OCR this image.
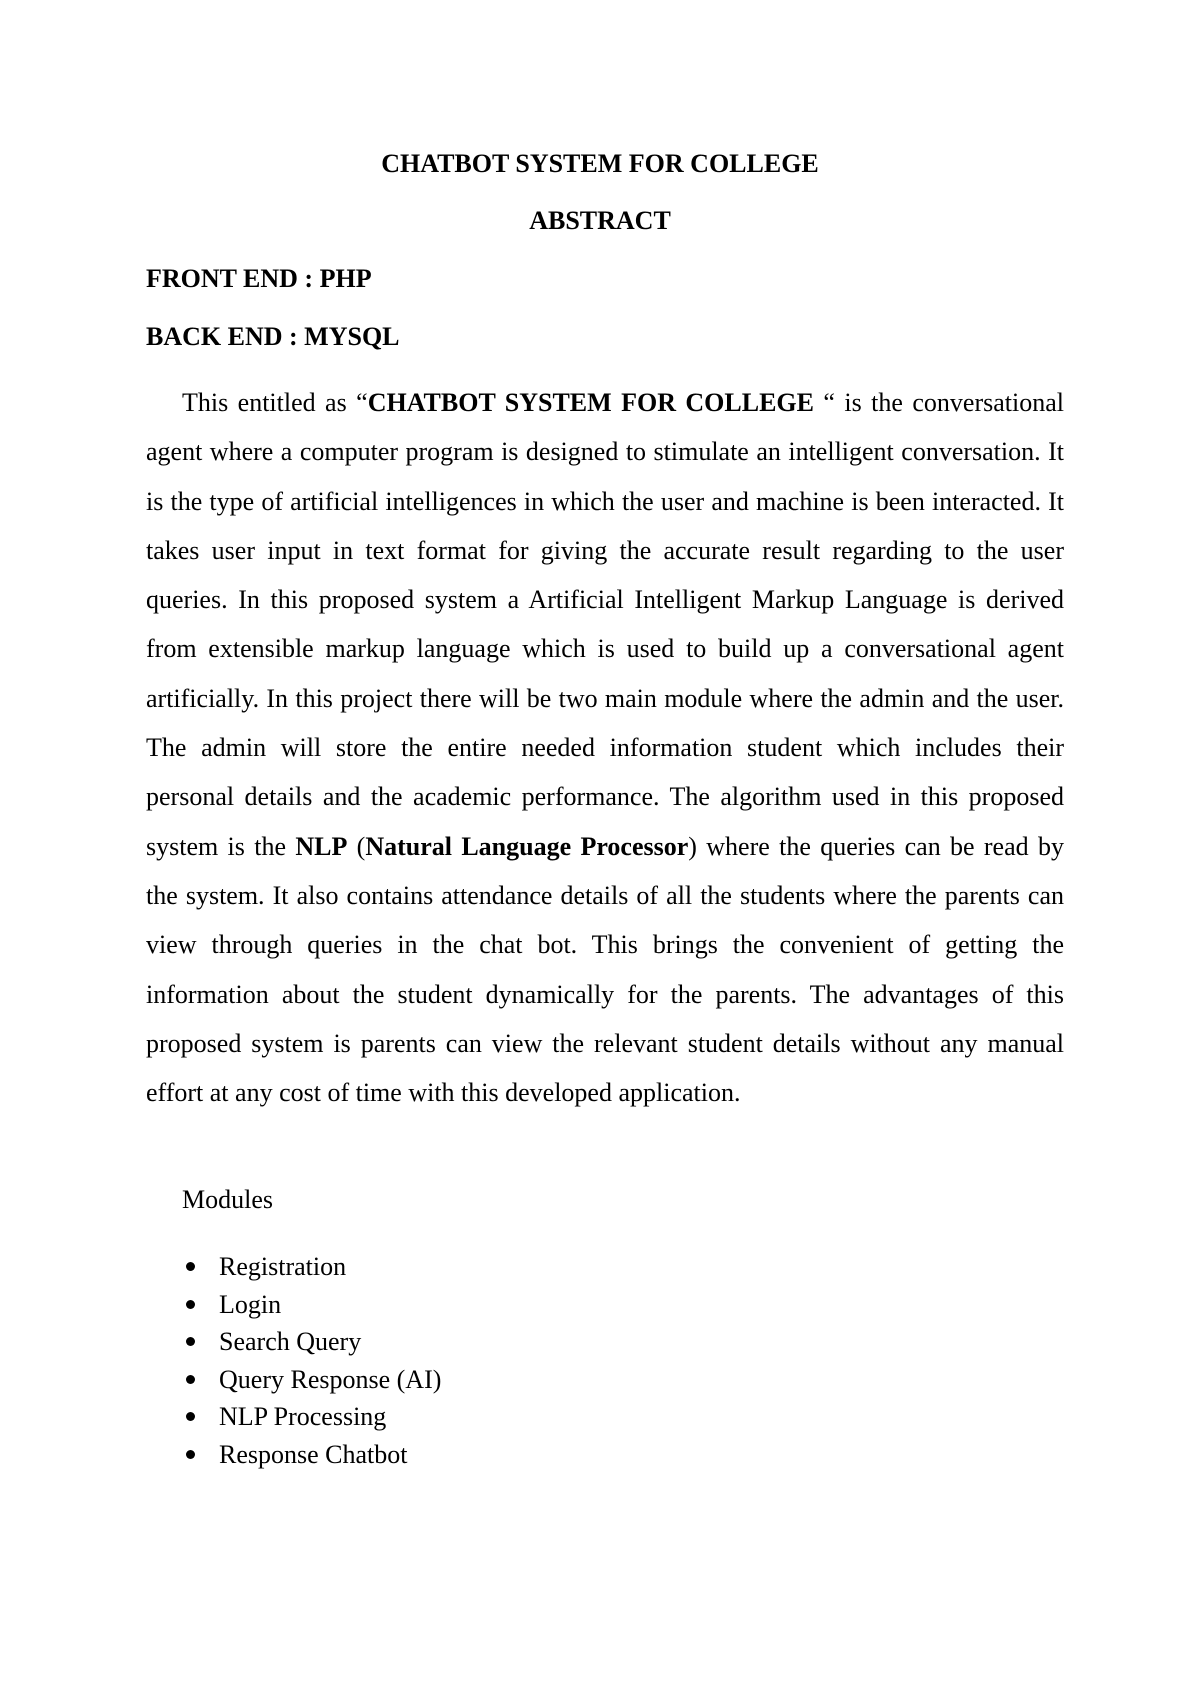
CHATBOT SYSTEM FOR COLLEGE
ABSTRACT
FRONT END : PHP
BACK END : MYSQL

This entitled as “CHATBOT SYSTEM FOR COLLEGE “ is the conversational agent where a computer program is designed to stimulate an intelligent conversation. It is the type of artificial intelligences in which the user and machine is been interacted. It takes user input in text format for giving the accurate result regarding to the user queries. In this proposed system a Artificial Intelligent Markup Language is derived from extensible markup language which is used to build up a conversational agent artificially. In this project there will be two main module where the admin and the user. The admin will store the entire needed information student which includes their personal details and the academic performance. The algorithm used in this proposed system is the NLP (Natural Language Processor) where the queries can be read by the system. It also contains attendance details of all the students where the parents can view through queries in the chat bot. This brings the convenient of getting the information about the student dynamically for the parents. The advantages of this proposed system is parents can view the relevant student details without any manual effort at any cost of time with this developed application.

Modules
Registration
Login
Search Query
Query Response (AI)
NLP Processing
Response Chatbot
